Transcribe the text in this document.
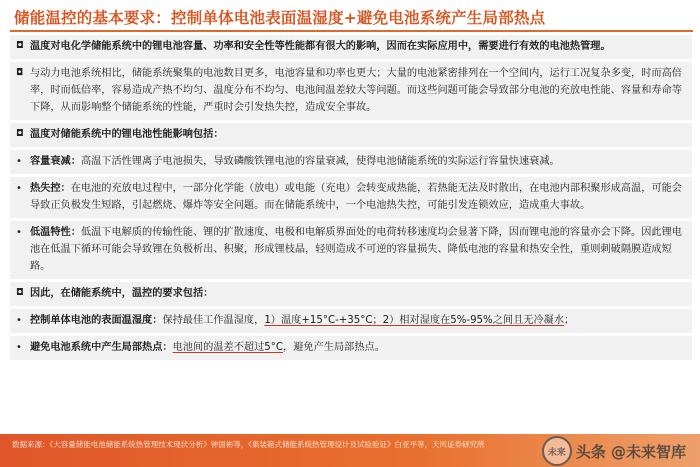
储能温控的基本要求：控制单体电池表面温湿度+避免电池系统产生局部热点
◘ 温度对电化学储能系统中的锂电池容量、功率和安全性等性能都有很大的影响，因而在实际应用中，需要进行有效的电池热管理。
◘ 与动力电池系统相比，储能系统聚集的电池数目更多，电池容量和功率也更大；大量的电池紧密排列在一个空间内，运行工况复杂多变，时而高倍率，时而低倍率，容易造成产热不均匀、温度分布不均匀、电池间温差较大等问题。而这些问题可能会导致部分电池的充放电性能、容量和寿命等下降，从而影响整个储能系统的性能，严重时会引发热失控，造成安全事故。
◘ 温度对储能系统中的锂电池性能影响包括：
• 容量衰减：高温下活性锂离子电池损失，导致磷酸铁锂电池的容量衰减，使得电池储能系统的实际运行容量快速衰减。
• 热失控：在电池的充放电过程中，一部分化学能（放电）或电能（充电）会转变成热能，若热能无法及时散出，在电池内部积聚形成高温，可能会导致正负极发生短路，引起燃烧、爆炸等安全问题。而在储能系统中，一个电池热失控，可能引发连锁效应，造成重大事故。
• 低温特性：低温下电解质的传输性能、锂的扩散速度、电极和电解质界面处的电荷转移速度均会显著下降，因而锂电池的容量亦会下降。因此锂电池在低温下循环可能会导致锂在负极析出、积聚，形成锂枝晶，轻则造成不可逆的容量损失、降低电池的容量和热安全性，重则刺破隔膜造成短路。
◘ 因此，在储能系统中，温控的要求包括：
• 控制单体电池的表面温湿度：保持最佳工作温湿度，1）温度+15°C-+35°C；2）相对湿度在5%-95%之间且无冷凝水；
• 避免电池系统中产生局部热点：电池间的温差不超过5°C，避免产生局部热点。
数据来源：《大容量储能电池储能系统热管理技术现状分析》钟国彬等，《集装箱式储能系统热管理设计及试验验证》白亚平等，天风证券研究所
未来 头条 @未来智库
